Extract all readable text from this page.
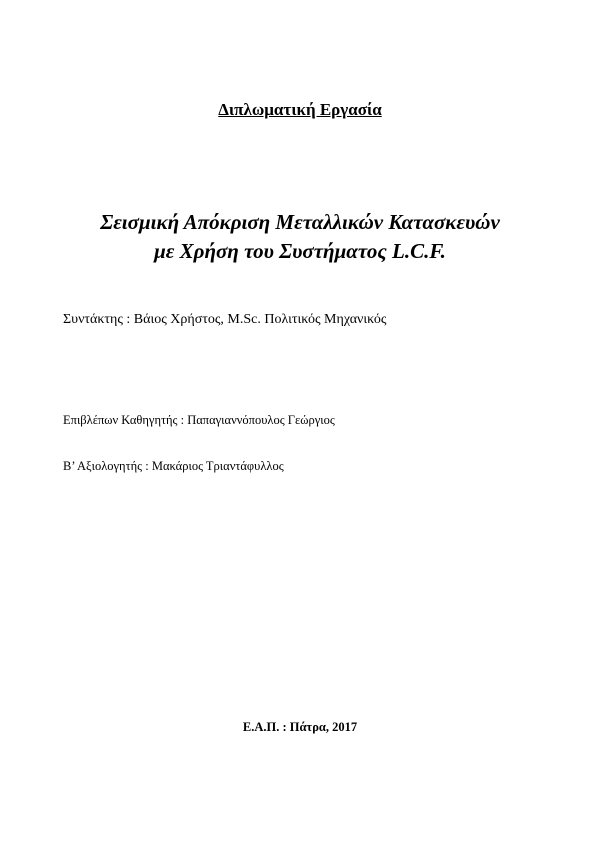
Διπλωματική Εργασία
Σεισμική Απόκριση Μεταλλικών Κατασκευών
με Χρήση του Συστήματος L.C.F.
Συντάκτης : Βάιος Χρήστος, M.Sc. Πολιτικός Μηχανικός
Επιβλέπων Καθηγητής : Παπαγιαννόπουλος Γεώργιος
Β’ Αξιολογητής : Μακάριος Τριαντάφυλλος
Ε.Α.Π. : Πάτρα, 2017
